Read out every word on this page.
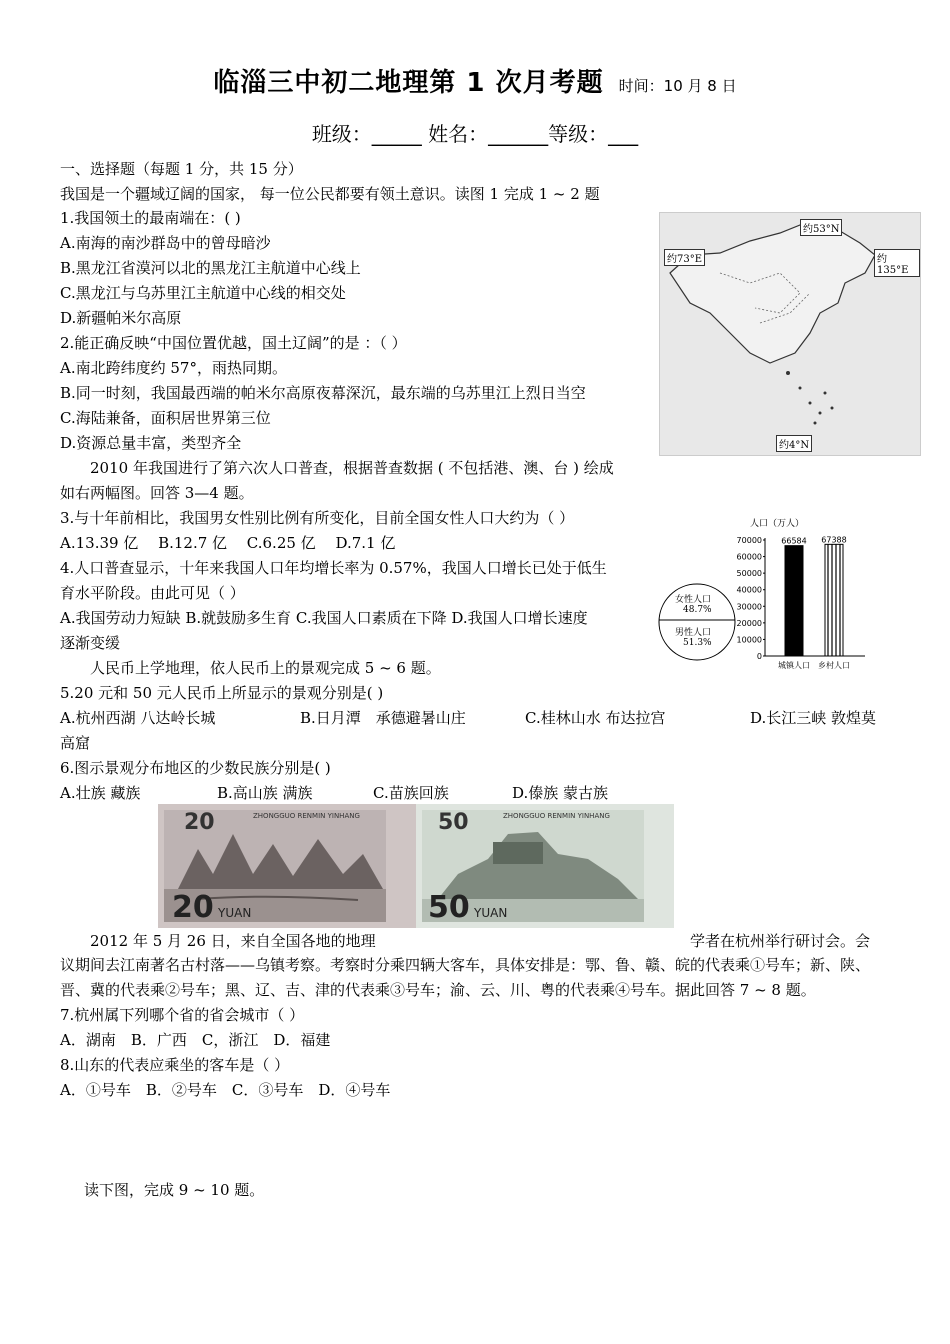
临淄三中初二地理第 1 次月考题 时间：10 月 8 日
班级：_____ 姓名：______等级：___
一、选择题（每题 1 分，共 15 分）
我国是一个疆域辽阔的国家， 每一位公民都要有领土意识。读图 1 完成 1 ~ 2 题
1.我国领土的最南端在：( )
A.南海的南沙群岛中的曾母暗沙
B.黑龙江省漠河以北的黑龙江主航道中心线上
C.黑龙江与乌苏里江主航道中心线的相交处
D.新疆帕米尔高原
2.能正确反映“中国位置优越，国土辽阔”的是 ：（ ）
A.南北跨纬度约 57°，雨热同期。
B.同一时刻，我国最西端的帕米尔高原夜幕深沉，最东端的乌苏里江上烈日当空
C.海陆兼备，面积居世界第三位
D.资源总量丰富，类型齐全
2010 年我国进行了第六次人口普查，根据普查数据 ( 不包括港、澳、台 ) 绘成
如右两幅图。回答 3—4 题。
3.与十年前相比，我国男女性别比例有所变化，目前全国女性人口大约为（ ）
A.13.39 亿　 B.12.7 亿　 C.6.25 亿　 D.7.1 亿
4.人口普查显示，十年来我国人口年均增长率为 0.57%，我国人口增长已处于低生
育水平阶段。由此可见（ ）
A.我国劳动力短缺 B.就鼓励多生育 C.我国人口素质在下降 D.我国人口增长速度
逐渐变缓
人民币上学地理，依人民币上的景观完成 5 ~ 6 题。
5.20 元和 50 元人民币上所显示的景观分别是( )
A.杭州西湖 八达岭长城	B.日月潭　承德避暑山庄	C.桂林山水 布达拉宫	D.长江三峡 敦煌莫
高窟
6.图示景观分布地区的少数民族分别是( )
A.壮族 藏族	B.高山族 满族	C.苗族回族	D.傣族 蒙古族
20	ZHONGGUO RENMIN YINHANG
20 YUAN
50	ZHONGGUO RENMIN YINHANG
50 YUAN
2012 年 5 月 26 日，来自全国各地的地理	学者在杭州举行研讨会。会
议期间去江南著名古村落——乌镇考察。考察时分乘四辆大客车，具体安排是：鄂、鲁、赣、皖的代表乘①号车；新、陕、晋、冀的代表乘②号车；黑、辽、吉、津的代表乘③号车；渝、云、川、粤的代表乘④号车。据此回答 7 ~ 8 题。
7.杭州属下列哪个省的省会城市（ ）
A．湖南　B．广西　C，浙江　D．福建
8.山东的代表应乘坐的客车是（ ）
A．①号车　B．②号车　C．③号车　D．④号车
读下图，完成 9 ~ 10 题。
约53°N
约73°E	约135°E
约4°N
70000
60000
50000
40000
30000
20000
10000
0
66584
城镇人口
67388
乡村人口
女性人口
48.7%
男性人口
51.3%
人口（万人）
